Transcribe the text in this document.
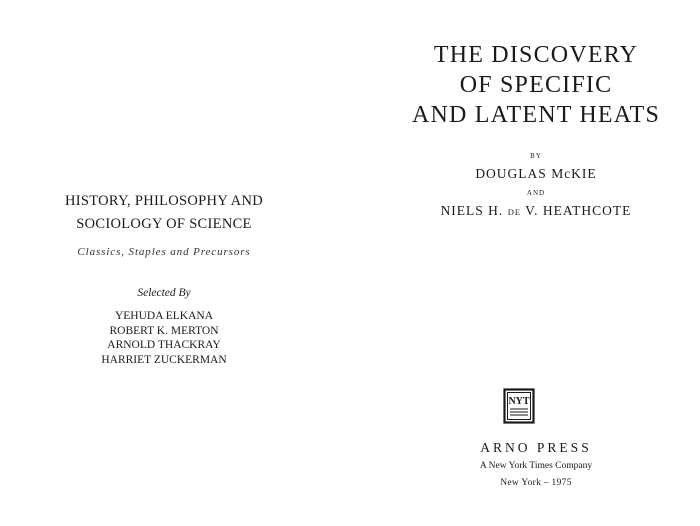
HISTORY, PHILOSOPHY AND
SOCIOLOGY OF SCIENCE
Classics, Staples and Precursors
Selected By
YEHUDA ELKANA
ROBERT K. MERTON
ARNOLD THACKRAY
HARRIET ZUCKERMAN
THE DISCOVERY
OF SPECIFIC
AND LATENT HEATS
BY
DOUGLAS McKIE
AND
NIELS H. DE V. HEATHCOTE
NYT
ARNO PRESS
A New York Times Company
New York – 1975
